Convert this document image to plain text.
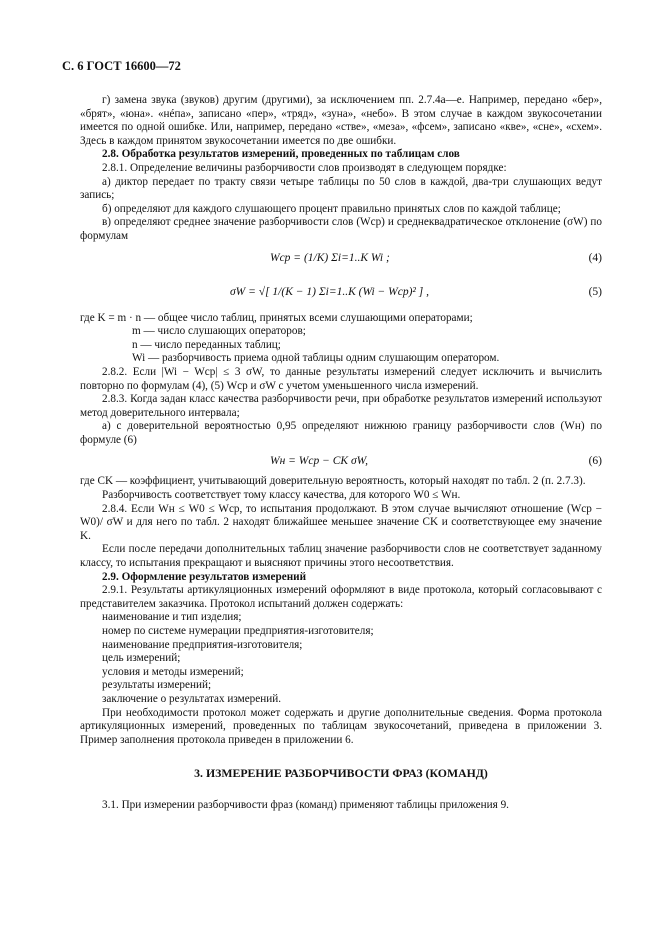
С. 6 ГОСТ 16600—72

г) замена звука (звуков) другим (другими), за исключением пп. 2.7.4а—е. Например, передано «бер», «брят», «юна». «нéпа», записано «пер», «тряд», «зуна», «небо». В этом случае в каждом звукосочетании имеется по одной ошибке. Или, например, передано «стве», «меза», «фсем», записано «кве», «сне», «схем». Здесь в каждом принятом звукосочетании имеется по две ошибки.

2.8. Обработка результатов измерений, проведенных по таблицам слов

2.8.1. Определение величины разборчивости слов производят в следующем порядке:

а) диктор передает по тракту связи четыре таблицы по 50 слов в каждой, два-три слушающих ведут запись;

б) определяют для каждого слушающего процент правильно принятых слов по каждой таблице;

в) определяют среднее значение разборчивости слов (Wср) и среднеквадратическое отклонение (σW) по формулам

Wср = (1/K) Σi=1..K Wi ;	(4)
σW = √[ 1/(K − 1) Σi=1..K (Wi − Wср)² ] ,	(5)

где K = m · n — общее число таблиц, принятых всеми слушающими операторами;

m — число слушающих операторов;

n — число переданных таблиц;

Wi — разборчивость приема одной таблицы одним слушающим оператором.

2.8.2. Если |Wi − Wср| ≤ 3 σW, то данные результаты измерений следует исключить и вычислить повторно по формулам (4), (5) Wср и σW с учетом уменьшенного числа измерений.

2.8.3. Когда задан класс качества разборчивости речи, при обработке результатов измерений используют метод доверительного интервала;

а) с доверительной вероятностью 0,95 определяют нижнюю границу разборчивости слов (Wн) по формуле (6)

Wн = Wср − CK σW,	(6)

где CK — коэффициент, учитывающий доверительную вероятность, который находят по табл. 2 (п. 2.7.3).

Разборчивость соответствует тому классу качества, для которого W0 ≤ Wн.

2.8.4. Если Wн ≤ W0 ≤ Wср, то испытания продолжают. В этом случае вычисляют отношение (Wср − W0)/ σW и для него по табл. 2 находят ближайшее меньшее значение CK и соответствующее ему значение K.

Если после передачи дополнительных таблиц значение разборчивости слов не соответствует заданному классу, то испытания прекращают и выясняют причины этого несоответствия.

2.9. Оформление результатов измерений

2.9.1. Результаты артикуляционных измерений оформляют в виде протокола, который согласовывают с представителем заказчика. Протокол испытаний должен содержать:

наименование и тип изделия;

номер по системе нумерации предприятия-изготовителя;

наименование предприятия-изготовителя;

цель измерений;

условия и методы измерений;

результаты измерений;

заключение о результатах измерений.

При необходимости протокол может содержать и другие дополнительные сведения. Форма протокола артикуляционных измерений, проведенных по таблицам звукосочетаний, приведена в приложении 3. Пример заполнения протокола приведен в приложении 6.

3. ИЗМЕРЕНИЕ РАЗБОРЧИВОСТИ ФРАЗ (КОМАНД)

3.1. При измерении разборчивости фраз (команд) применяют таблицы приложения 9.
